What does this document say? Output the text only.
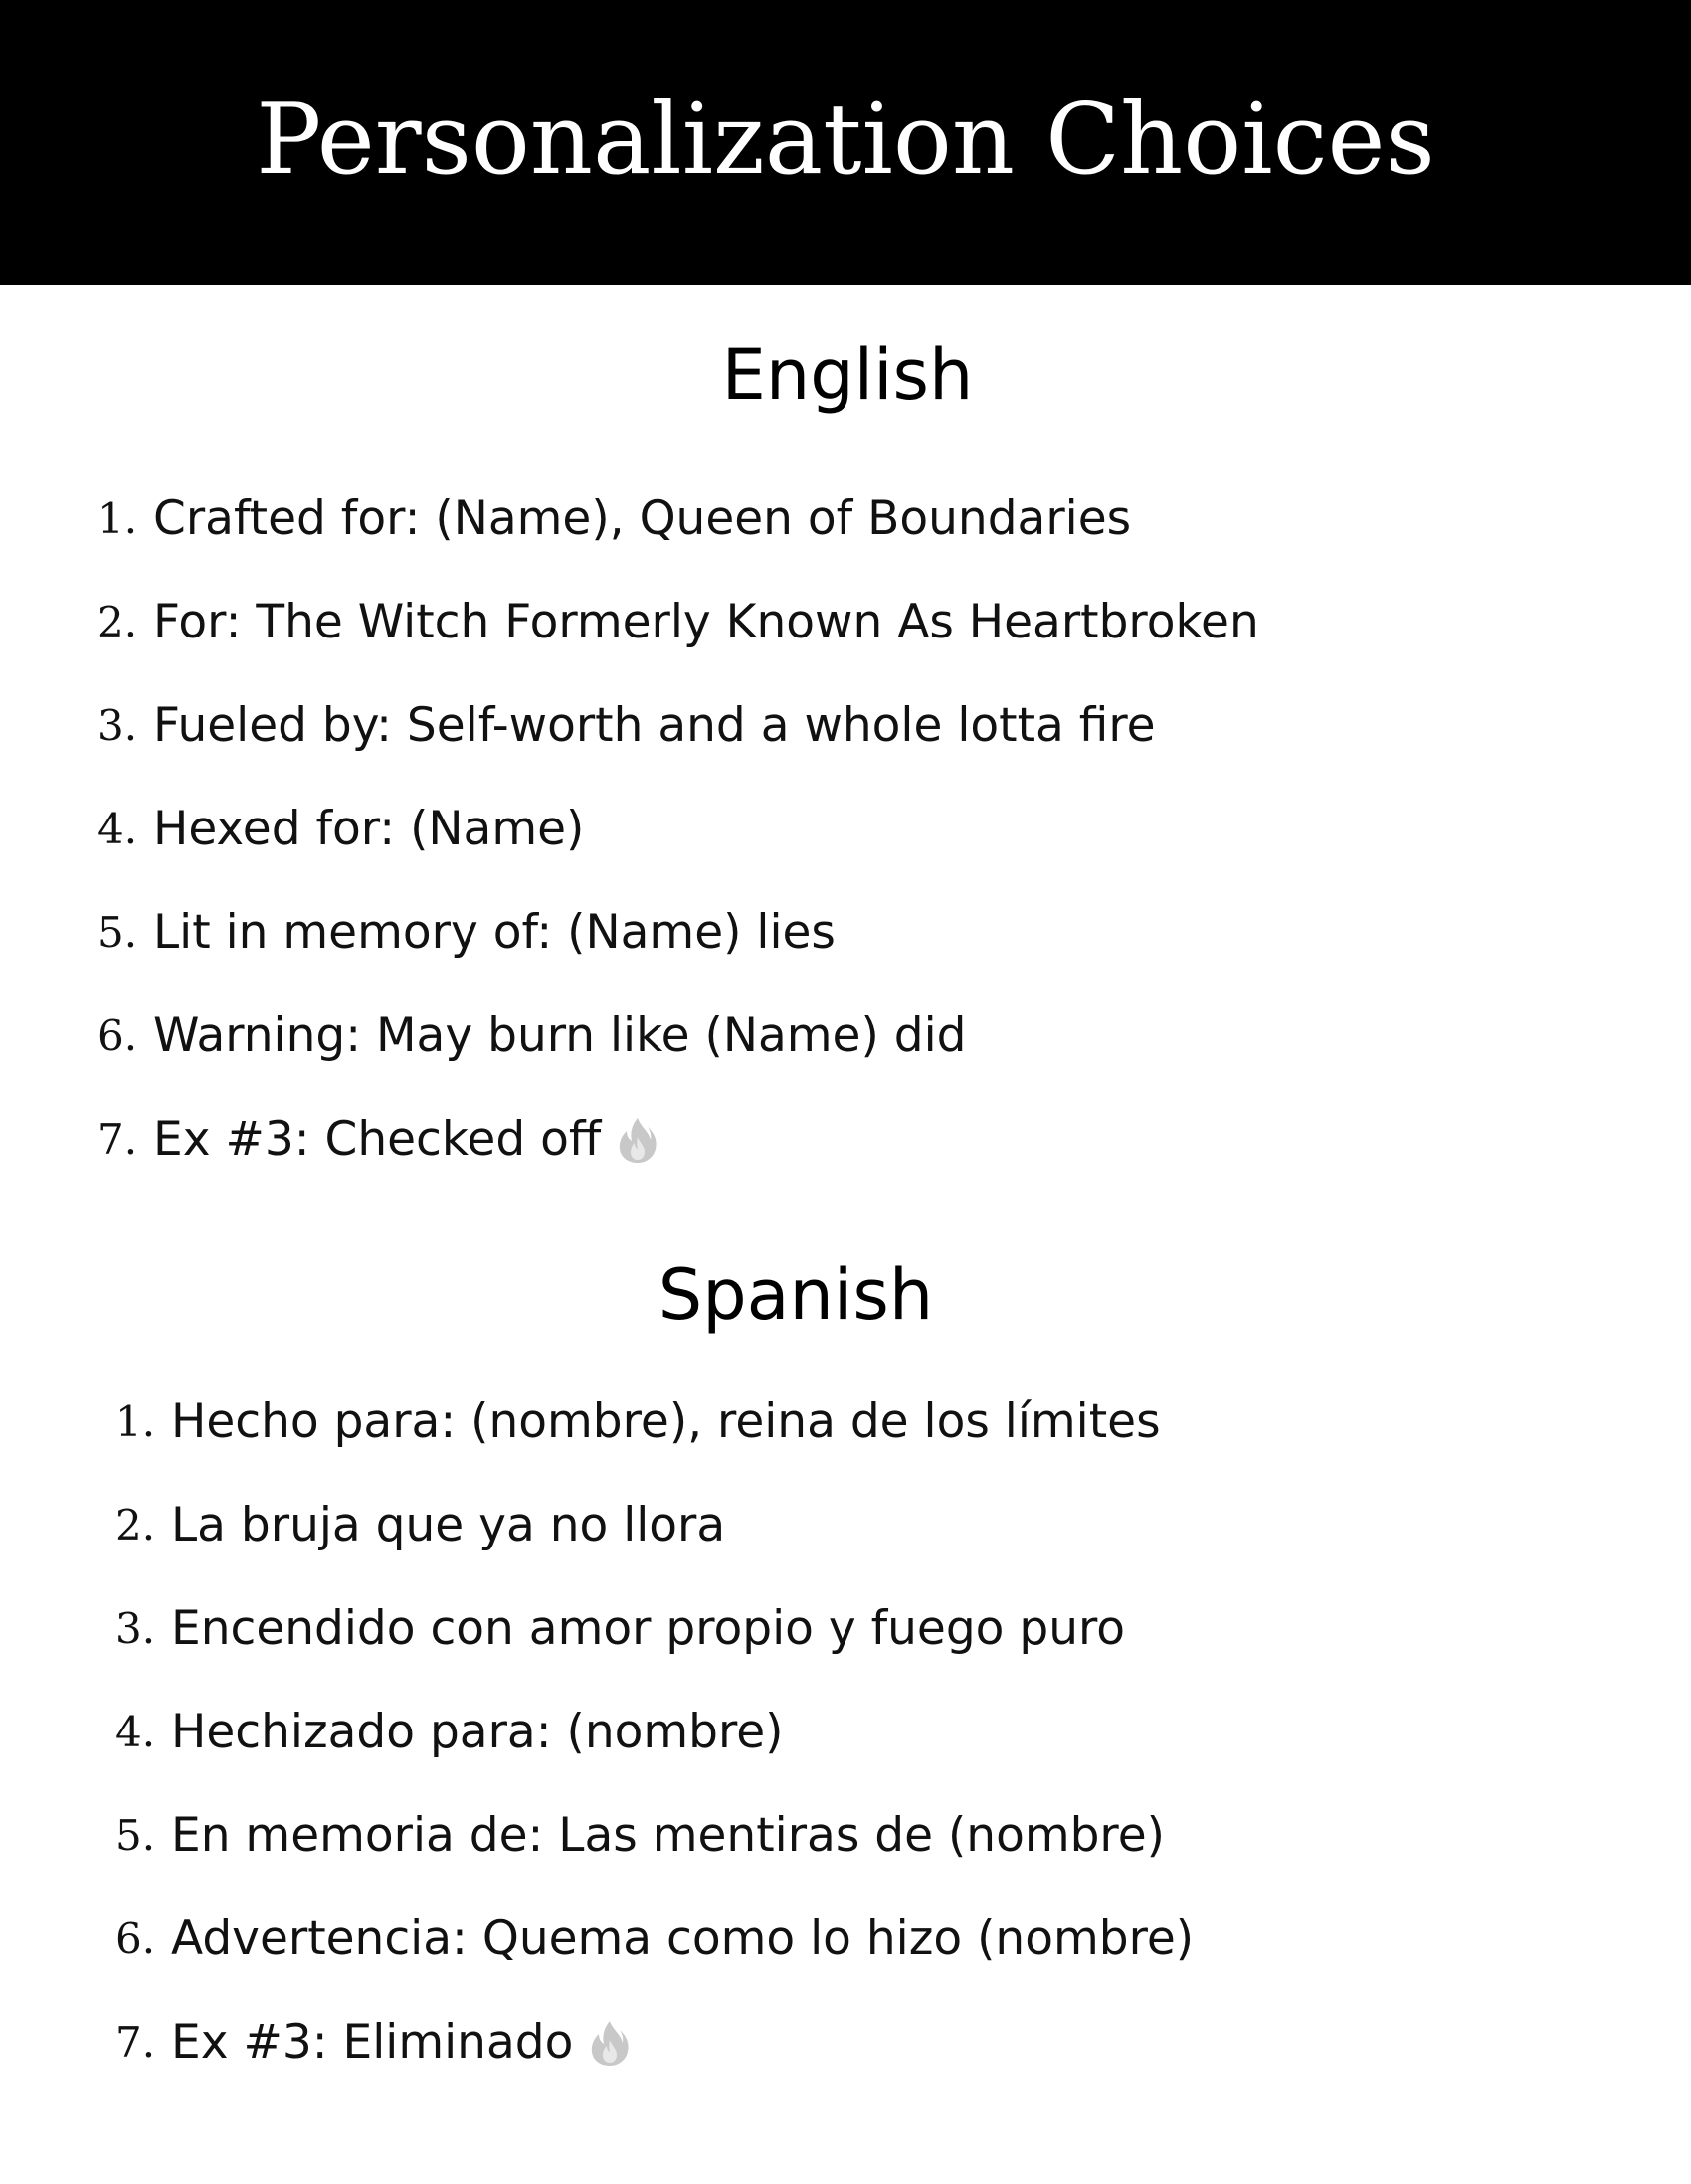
Personalization Choices
English
1. Crafted for: (Name), Queen of Boundaries
2. For: The Witch Formerly Known As Heartbroken
3. Fueled by: Self-worth and a whole lotta fire
4. Hexed for: (Name)
5. Lit in memory of: (Name) lies
6. Warning: May burn like (Name) did
7. Ex #3: Checked off
Spanish
1. Hecho para: (nombre), reina de los límites
2. La bruja que ya no llora
3. Encendido con amor propio y fuego puro
4. Hechizado para: (nombre)
5. En memoria de: Las mentiras de (nombre)
6. Advertencia: Quema como lo hizo (nombre)
7. Ex #3: Eliminado
